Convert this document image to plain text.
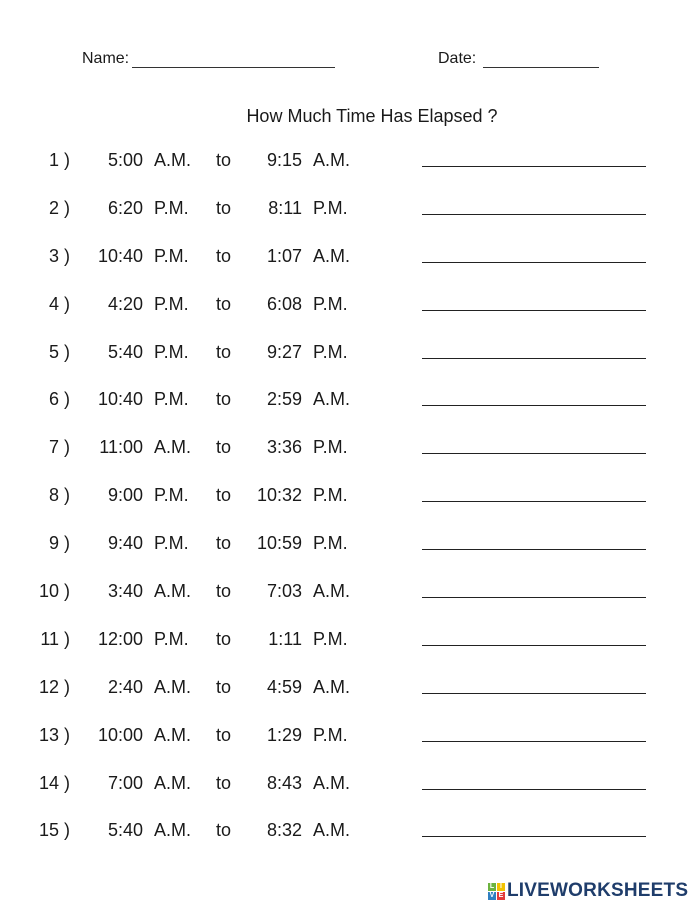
Name:	Date:
How Much Time Has Elapsed ?
1 )	5:00 A.M. to	9:15 A.M.
2 )	6:20 P.M. to	8:11 P.M.
3 )	10:40 P.M. to	1:07 A.M.
4 )	4:20 P.M. to	6:08 P.M.
5 )	5:40 P.M. to	9:27 P.M.
6 )	10:40 P.M. to	2:59 A.M.
7 )	11:00 A.M. to	3:36 P.M.
8 )	9:00 P.M. to	10:32 P.M.
9 )	9:40 P.M. to	10:59 P.M.
10 )	3:40 A.M. to	7:03 A.M.
11 )	12:00 P.M. to	1:11 P.M.
12 )	2:40 A.M. to	4:59 A.M.
13 )	10:00 A.M. to	1:29 P.M.
14 )	7:00 A.M. to	8:43 A.M.
15 )	5:40 A.M. to	8:32 A.M.
L I
V E LIVEWORKSHEETS
